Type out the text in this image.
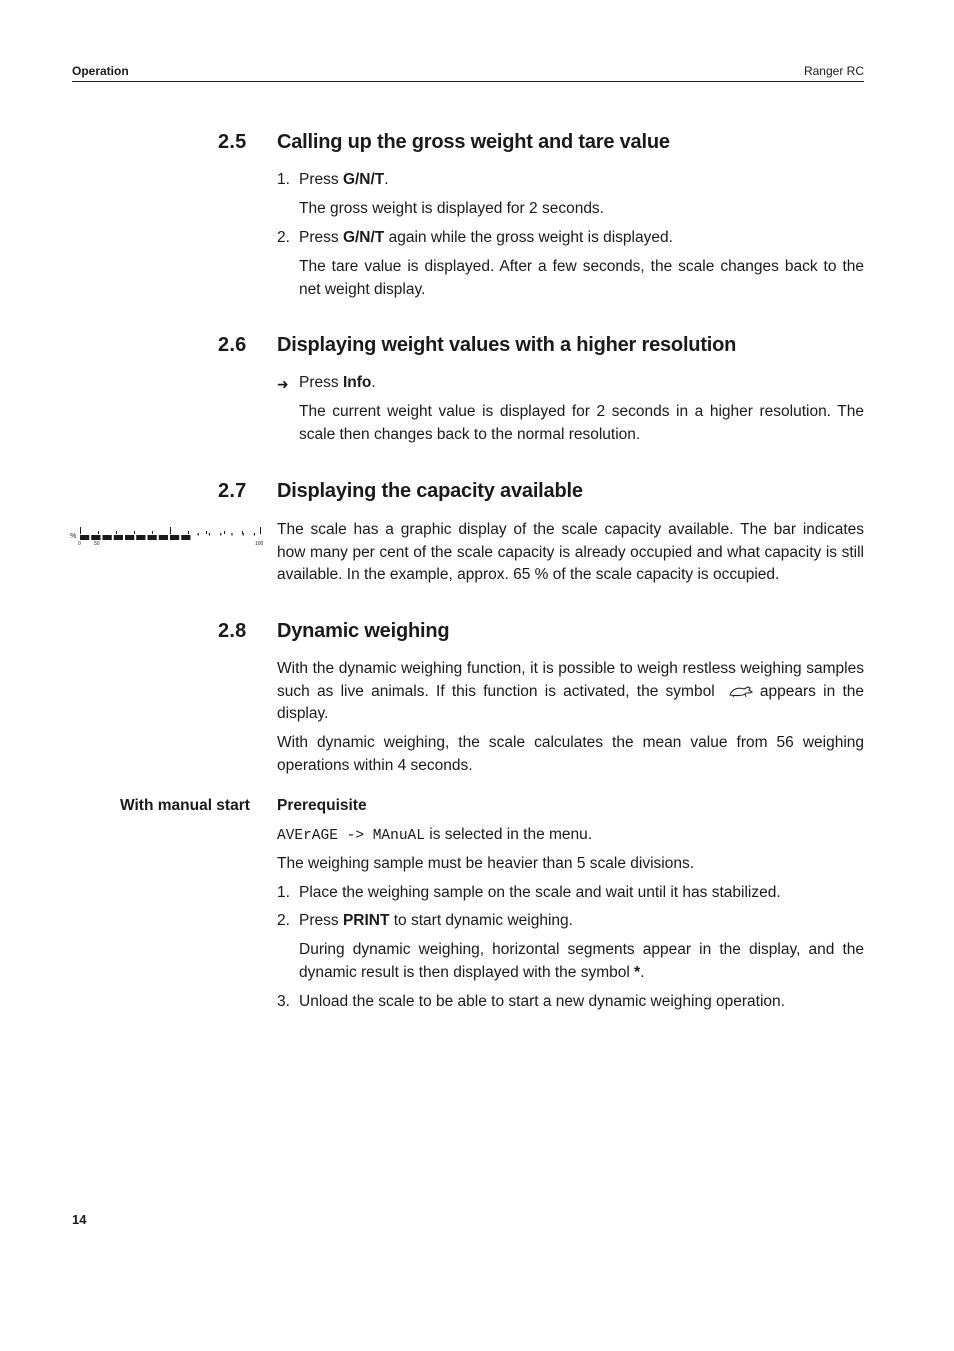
Operation	Ranger RC
2.5 Calling up the gross weight and tare value
1. Press G/N/T.
The gross weight is displayed for 2 seconds.
2. Press G/N/T again while the gross weight is displayed.
The tare value is displayed. After a few seconds, the scale changes back to the net weight display.
2.6 Displaying weight values with a higher resolution
➜ Press Info.
The current weight value is displayed for 2 seconds in a higher resolution. The scale then changes back to the normal resolution.
2.7 Displaying the capacity available
%
0	50	100
The scale has a graphic display of the scale capacity available. The bar indicates how many per cent of the scale capacity is already occupied and what capacity is still available. In the example, approx. 65 % of the scale capacity is occupied.
2.8 Dynamic weighing
With the dynamic weighing function, it is possible to weigh restless weighing samples such as live animals. If this function is activated, the symbol	appears in the display.
With dynamic weighing, the scale calculates the mean value from 56 weighing operations within 4 seconds.
With manual start Prerequisite
AVErAGE -> MAnuAL is selected in the menu.
The weighing sample must be heavier than 5 scale divisions.
1. Place the weighing sample on the scale and wait until it has stabilized.
2. Press PRINT to start dynamic weighing.
During dynamic weighing, horizontal segments appear in the display, and the dynamic result is then displayed with the symbol *.
3. Unload the scale to be able to start a new dynamic weighing operation.
14
